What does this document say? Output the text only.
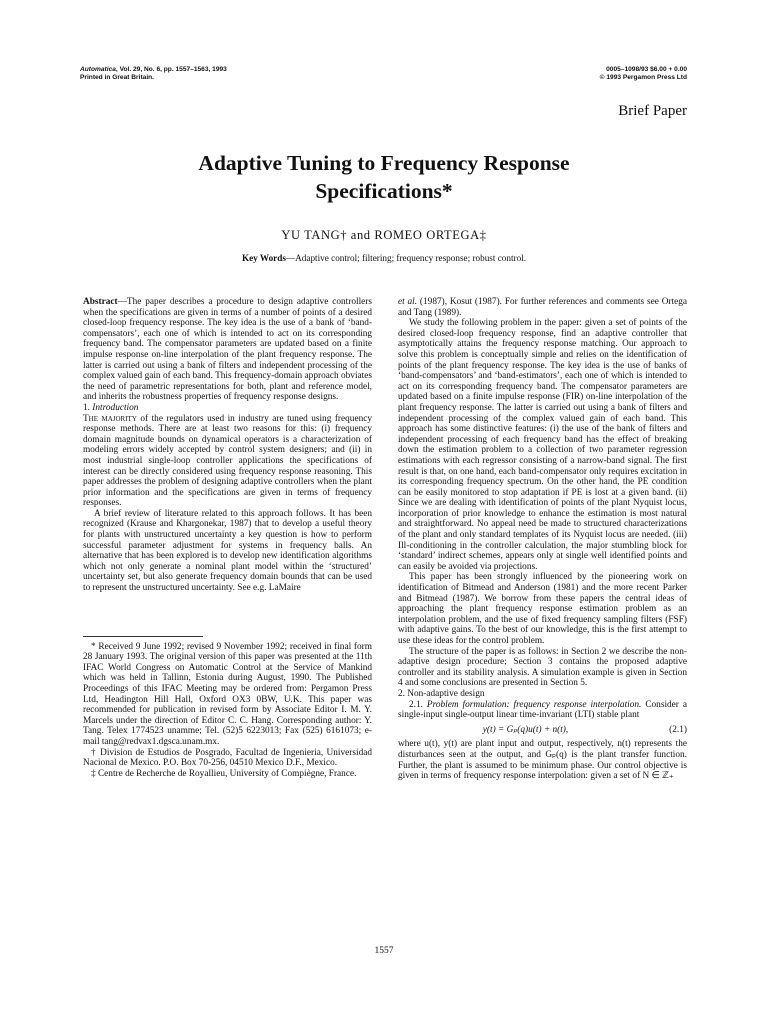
Automatica, Vol. 29, No. 6, pp. 1557–1563, 1993
Printed in Great Britain.
0005–1098/93 $6.00 + 0.00
© 1993 Pergamon Press Ltd
Brief Paper
Adaptive Tuning to Frequency Response
Specifications*
YU TANG† and ROMEO ORTEGA‡
Key Words—Adaptive control; filtering; frequency response; robust control.

Abstract—The paper describes a procedure to design adaptive controllers when the specifications are given in terms of a number of points of a desired closed-loop frequency response. The key idea is the use of a bank of ‘band-compensators’, each one of which is intended to act on its corresponding frequency band. The compensator parameters are updated based on a finite impulse response on-line interpolation of the plant frequency response. The latter is carried out using a bank of filters and independent processing of the complex valued gain of each band. This frequency-domain approach obviates the need of parametric representations for both, plant and reference model, and inherits the robustness properties of frequency response designs.

1. Introduction

The majority of the regulators used in industry are tuned using frequency response methods. There are at least two reasons for this: (i) frequency domain magnitude bounds on dynamical operators is a characterization of modeling errors widely accepted by control system designers; and (ii) in most industrial single-loop controller applications the specifications of interest can be directly considered using frequency response reasoning. This paper addresses the problem of designing adaptive controllers when the plant prior information and the specifications are given in terms of frequency responses.

A brief review of literature related to this approach follows. It has been recognized (Krause and Khargonekar, 1987) that to develop a useful theory for plants with unstructured uncertainty a key question is how to perform successful parameter adjustment for systems in frequency balls. An alternative that has been explored is to develop new identification algorithms which not only generate a nominal plant model within the ‘structured’ uncertainty set, but also generate frequency domain bounds that can be used to represent the unstructured uncertainty. See e.g. LaMaire

* Received 9 June 1992; revised 9 November 1992; received in final form 28 January 1993. The original version of this paper was presented at the 11th IFAC World Congress on Automatic Control at the Service of Mankind which was held in Tallinn, Estonia during August, 1990. The Published Proceedings of this IFAC Meeting may be ordered from: Pergamon Press Ltd, Headington Hill Hall, Oxford OX3 0BW, U.K. This paper was recommended for publication in revised form by Associate Editor I. M. Y. Marcels under the direction of Editor C. C. Hang. Corresponding author: Y. Tang. Telex 1774523 unamme; Tel. (52)5 6223013; Fax (525) 6161073; e-mail tang@redvax1.dgsca.unam.mx.

† Division de Estudios de Posgrado, Facultad de Ingenieria, Universidad Nacional de Mexico. P.O. Box 70-256, 04510 Mexico D.F., Mexico.

‡ Centre de Recherche de Royallieu, University of Compiègne, France.

et al. (1987), Kosut (1987). For further references and comments see Ortega and Tang (1989).

We study the following problem in the paper: given a set of points of the desired closed-loop frequency response, find an adaptive controller that asymptotically attains the frequency response matching. Our approach to solve this problem is conceptually simple and relies on the identification of points of the plant frequency response. The key idea is the use of banks of ‘band-compensators’ and ‘band-estimators’, each one of which is intended to act on its corresponding frequency band. The compensator parameters are updated based on a finite impulse response (FIR) on-line interpolation of the plant frequency response. The latter is carried out using a bank of filters and independent processing of the complex valued gain of each band. This approach has some distinctive features: (i) the use of the bank of filters and independent processing of each frequency band has the effect of breaking down the estimation problem to a collection of two parameter regression estimations with each regressor consisting of a narrow-band signal. The first result is that, on one hand, each band-compensator only requires excitation in its corresponding frequency spectrum. On the other hand, the PE condition can be easily monitored to stop adaptation if PE is lost at a given band. (ii) Since we are dealing with identification of points of the plant Nyquist locus, incorporation of prior knowledge to enhance the estimation is most natural and straightforward. No appeal need be made to structured characterizations of the plant and only standard templates of its Nyquist locus are needed. (iii) Ill-conditioning in the controller calculation, the major stumbling block for ‘standard’ indirect schemes, appears only at single well identified points and can easily be avoided via projections.

This paper has been strongly influenced by the pioneering work on identification of Bitmead and Anderson (1981) and the more recent Parker and Bitmead (1987). We borrow from these papers the central ideas of approaching the plant frequency response estimation problem as an interpolation problem, and the use of fixed frequency sampling filters (FSF) with adaptive gains. To the best of our knowledge, this is the first attempt to use these ideas for the control problem.

The structure of the paper is as follows: in Section 2 we describe the non-adaptive design procedure; Section 3 contains the proposed adaptive controller and its stability analysis. A simulation example is given in Section 4 and some conclusions are presented in Section 5.

2. Non-adaptive design

2.1. Problem formulation: frequency response interpolation. Consider a single-input single-output linear time-invariant (LTI) stable plant

y(t) = Gₚ(q)u(t) + n(t),	(2.1)

where u(t), y(t) are plant input and output, respectively, n(t) represents the disturbances seen at the output, and Gₚ(q) is the plant transfer function. Further, the plant is assumed to be minimum phase. Our control objective is given in terms of frequency response interpolation: given a set of N ∈ ℤ₊

1557
